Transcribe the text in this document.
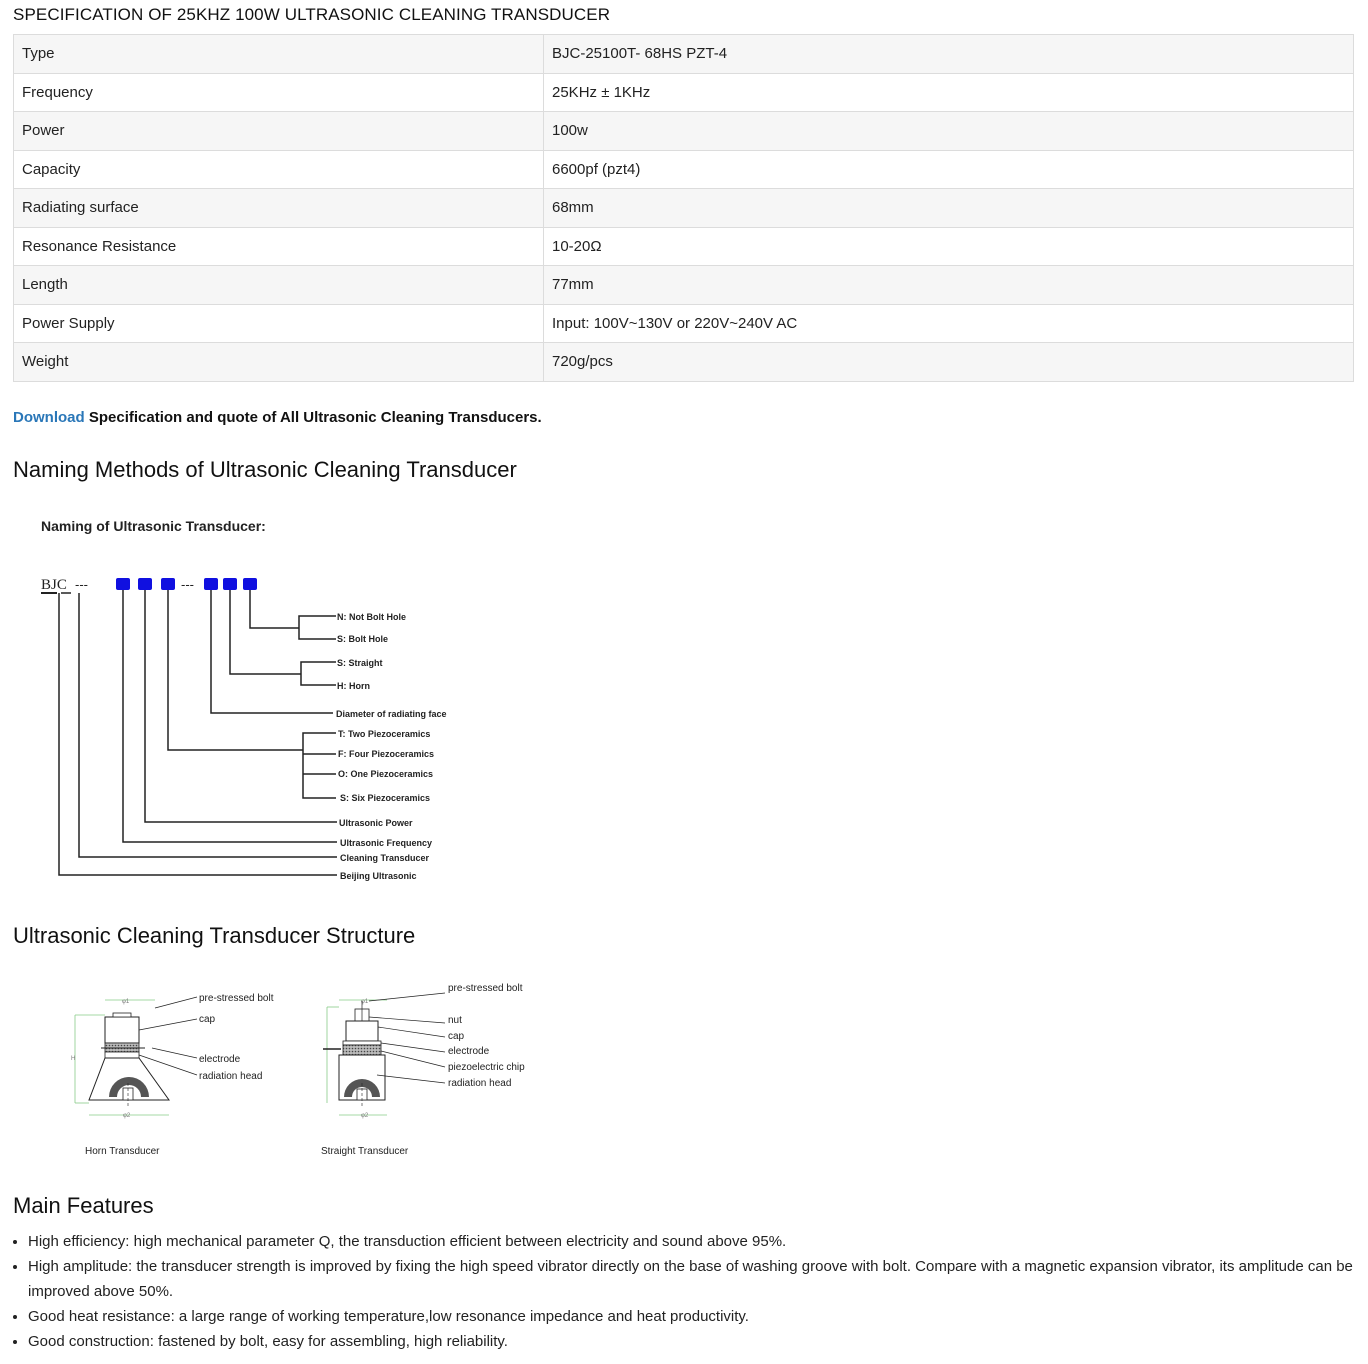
SPECIFICATION OF 25KHZ 100W ULTRASONIC CLEANING TRANSDUCER
Type	BJC-25100T- 68HS PZT-4
Frequency	25KHz ± 1KHz
Power	100w
Capacity	6600pf (pzt4)
Radiating surface	68mm
Resonance Resistance	10-20Ω
Length	77mm
Power Supply	Input: 100V~130V or 220V~240V AC
Weight	720g/pcs
Download Specification and quote of All Ultrasonic Cleaning Transducers.
Naming Methods of Ultrasonic Cleaning Transducer
Naming of Ultrasonic Transducer:
BJC ---	---
N: Not Bolt Hole
S: Bolt Hole
S: Straight
H: Horn
Diameter of radiating face
T: Two Piezoceramics
F: Four Piezoceramics
O: One Piezoceramics
S: Six Piezoceramics
Ultrasonic Power
Ultrasonic Frequency
Cleaning Transducer
Beijing Ultrasonic
Ultrasonic Cleaning Transducer Structure
φ1
φ2
H
pre-stressed bolt
cap
electrode
radiation head
Horn Transducer
φ1
φ2
pre-stressed bolt
nut
cap
electrode
piezoelectric chip
radiation head
Straight Transducer
Main Features
• High efficiency: high mechanical parameter Q, the transduction efficient between electricity and sound above 95%.
• High amplitude: the transducer strength is improved by fixing the high speed vibrator directly on the base of washing groove with bolt. Compare with a magnetic expansion vibrator, its amplitude can be improved above 50%.
• Good heat resistance: a large range of working temperature,low resonance impedance and heat productivity.
• Good construction: fastened by bolt, easy for assembling, high reliability.
